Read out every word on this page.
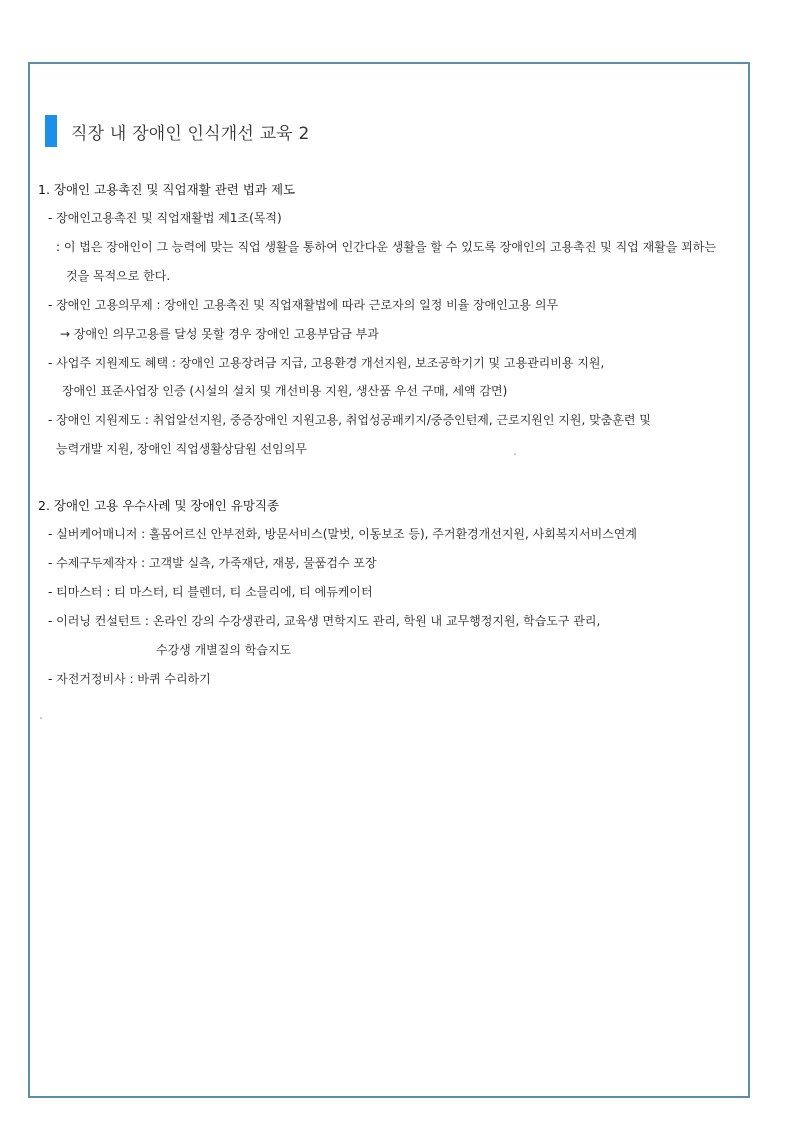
직장 내 장애인 인식개선 교육 2
1. 장애인 고용촉진 및 직업재활 관련 법과 제도
- 장애인고용촉진 및 직업재활법 제1조(목적)
: 이 법은 장애인이 그 능력에 맞는 직업 생활을 통하여 인간다운 생활을 할 수 있도록 장애인의 고용촉진 및 직업 재활을 꾀하는
것을 목적으로 한다.
- 장애인 고용의무제 : 장애인 고용촉진 및 직업재활법에 따라 근로자의 일정 비율 장애인고용 의무
→ 장애인 의무고용를 달성 못할 경우 장애인 고용부담금 부과
- 사업주 지원제도 혜택 : 장애인 고용장려금 지급, 고용환경 개선지원, 보조공학기기 및 고용관리비용 지원,
장애인 표준사업장 인증 (시설의 설치 및 개선비용 지원, 생산품 우선 구매, 세액 감면)
- 장애인 지원제도 : 취업알선지원, 중증장애인 지원고용, 취업성공패키지/중증인턴제, 근로지원인 지원, 맞춤훈련 및
능력개발 지원, 장애인 직업생활상담원 선임의무
2. 장애인 고용 우수사례 및 장애인 유망직종
- 실버케어매니저 : 홀몸어르신 안부전화, 방문서비스(말벗, 이동보조 등), 주거환경개선지원, 사회복지서비스연계
- 수제구두제작자 : 고객발 실측, 가죽재단, 재봉, 물품검수 포장
- 티마스터 : 티 마스터, 티 블렌더, 티 소믈리에, 티 에듀케이터
- 이러닝 컨설턴트 : 온라인 강의 수강생관리, 교육생 면학지도 관리, 학원 내 교무행정지원, 학습도구 관리,
수강생 개별질의 학습지도
- 자전거정비사 : 바퀴 수리하기
